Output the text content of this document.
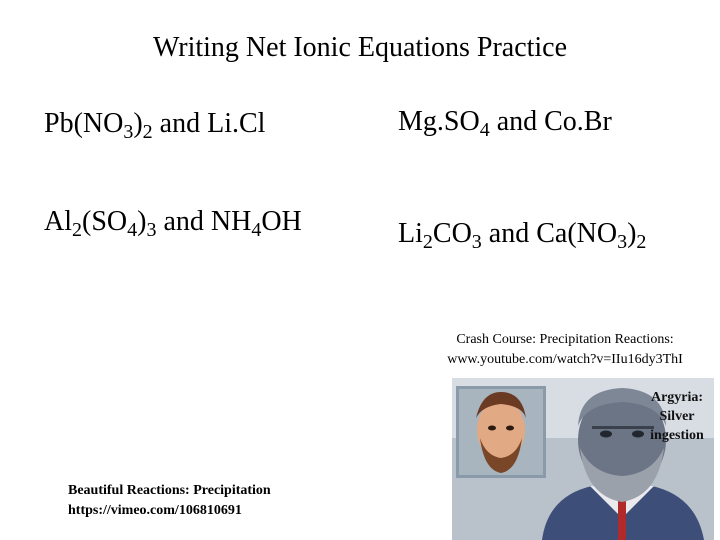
Writing Net Ionic Equations Practice
$Pb(NO_3)_2$ and Li.Cl	$Mg.SO_4$ and Co.Br
$Al_2(SO_4)_3$ and $NH_4OH$	$Li_2CO_3$ and $Ca(NO_3)_2$
Crash Course: Precipitation Reactions:
www.youtube.com/watch?v=IIu16dy3ThI
Beautiful Reactions: Precipitation
https://vimeo.com/106810691
Argyria:
Silver
ingestion
